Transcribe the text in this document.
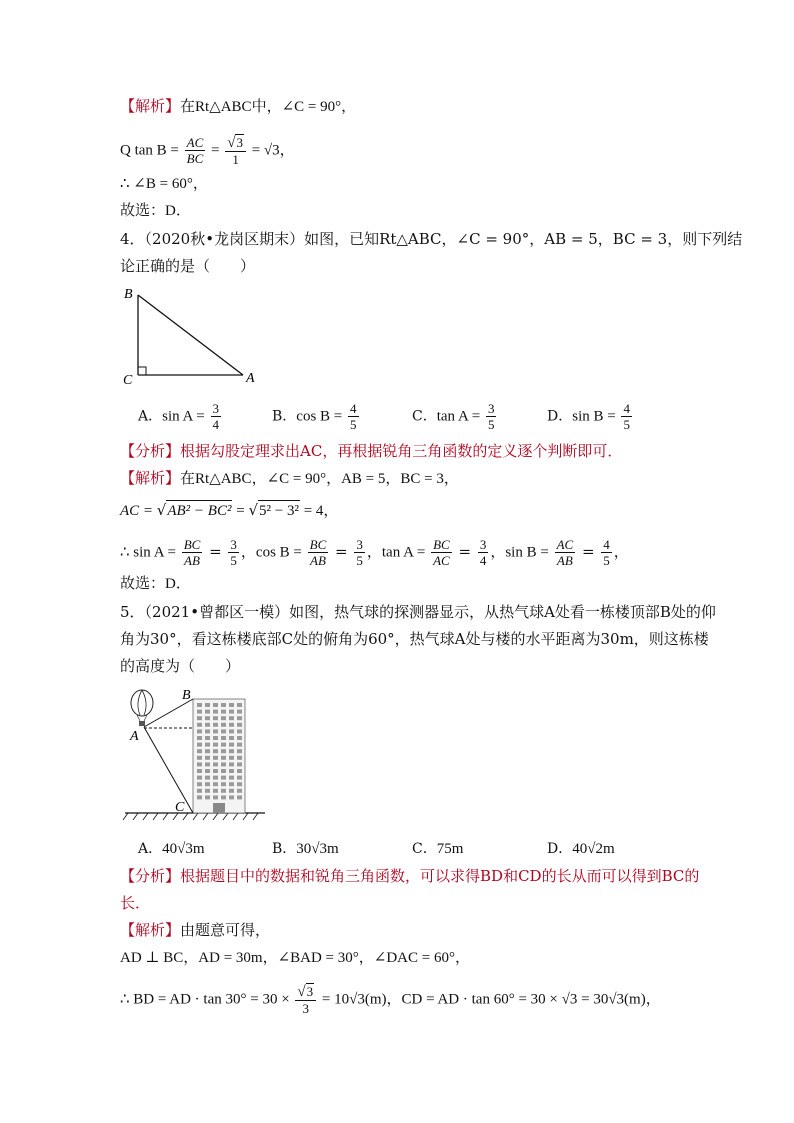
【解析】在Rt△ABC中，∠C = 90°，
Q $\tan B = \frac{AC}{BC} = \frac{√3}{1} = √3$，
∴ ∠B = 60°，
故选：D．
4．（2020秋•龙岗区期末）如图，已知Rt△ABC，∠C = 90°，AB = 5，BC = 3，则下列结
论正确的是（　　）
B
C	A
A．$\sin A = \frac{3}{4}$	B．$\cos B = \frac{4}{5}$	C．$\tan A = \frac{3}{5}$	D．$\sin B = \frac{4}{5}$
【分析】根据勾股定理求出AC，再根据锐角三角函数的定义逐个判断即可．
【解析】在Rt△ABC，∠C = 90°，AB = 5，BC = 3，
AC = √AB² − BC² = √5² − 3² = 4，
∴ $\sin A = \frac{BC}{AB} = \frac{3}{5}$ ，$\cos B = \frac{BC}{AB} = \frac{3}{5}$ ，$\tan A = \frac{BC}{AC} = \frac{3}{4}$ ，$\sin B = \frac{AC}{AB} = \frac{4}{5}$ ，
故选：D．
5．（2021•曾都区一模）如图，热气球的探测器显示，从热气球A处看一栋楼顶部B处的仰
角为30°，看这栋楼底部C处的俯角为60°，热气球A处与楼的水平距离为30m，则这栋楼
的高度为（　　）
B
A
C
A．40√3m	B．30√3m	C．75m	D．40√2m
【分析】根据题目中的数据和锐角三角函数，可以求得BD和CD的长从而可以得到BC的
长．
【解析】由题意可得，
AD ⊥ BC，AD = 30m，∠BAD = 30°，∠DAC = 60°，
∴ BD = AD · $\tan 30^\circ = 30 \times \frac{√3}{3} = 10√3(m)$，CD = AD · tan 60° = 30 × √3 = 30√3(m)，
